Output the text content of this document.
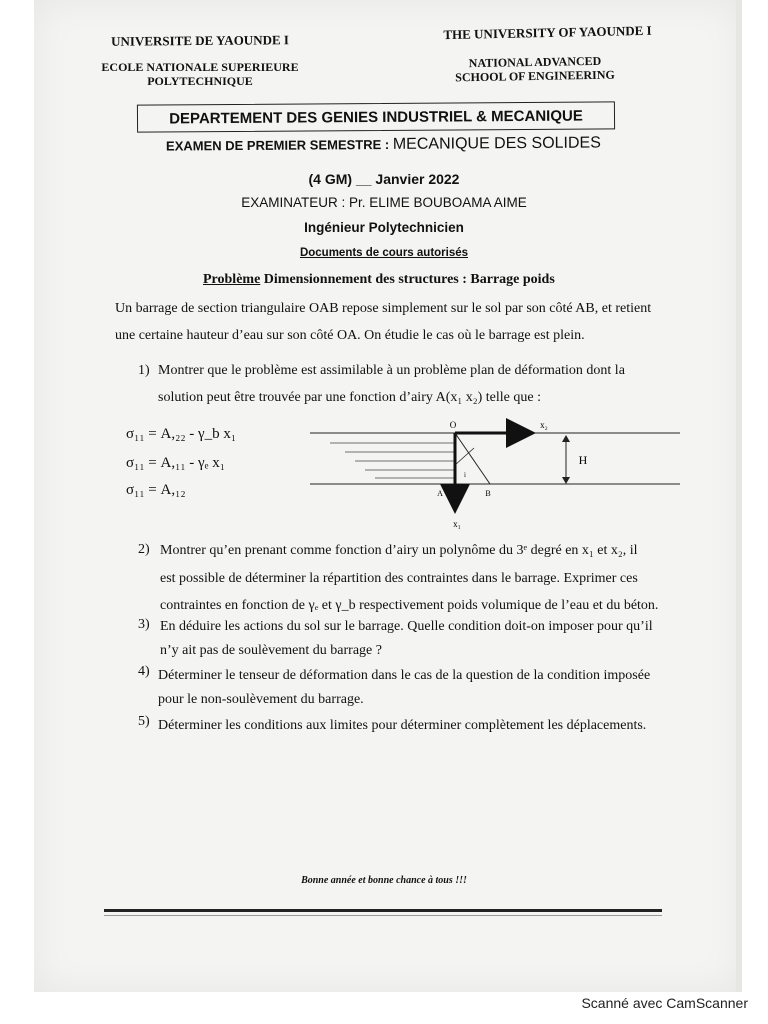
UNIVERSITE DE YAOUNDE I
ECOLE NATIONALE SUPERIEURE
POLYTECHNIQUE
THE UNIVERSITY OF YAOUNDE I
NATIONAL ADVANCED
SCHOOL OF ENGINEERING
DEPARTEMENT DES GENIES INDUSTRIEL & MECANIQUE
EXAMEN DE PREMIER SEMESTRE : MECANIQUE DES SOLIDES
(4 GM) __ Janvier 2022
EXAMINATEUR : Pr. ELIME BOUBOAMA AIME
Ingénieur Polytechnicien
Documents de cours autorisés
Problème Dimensionnement des structures : Barrage poids
Un barrage de section triangulaire OAB repose simplement sur le sol par son côté AB, et retient
une certaine hauteur d’eau sur son côté OA. On étudie le cas où le barrage est plein.
1) Montrer que le problème est assimilable à un problème plan de déformation dont la
solution peut être trouvée par une fonction d’airy A(x₁ x₂) telle que :
σ₁₁ = A,₂₂ - γ_b x₁
σ₁₁ = A,₁₁ - γₑ x₁
σ₁₁ = A,₁₂
O	x₂
H
A	B
x₁
i
2) Montrer qu’en prenant comme fonction d’airy un polynôme du 3ᵉ degré en x₁ et x₂, il
est possible de déterminer la répartition des contraintes dans le barrage. Exprimer ces
contraintes en fonction de γₑ et γ_b respectivement poids volumique de l’eau et du béton.
3) En déduire les actions du sol sur le barrage. Quelle condition doit-on imposer pour qu’il
n’y ait pas de soulèvement du barrage ?
4) Déterminer le tenseur de déformation dans le cas de la question de la condition imposée
pour le non-soulèvement du barrage.
5) Déterminer les conditions aux limites pour déterminer complètement les déplacements.
Bonne année et bonne chance à tous !!!
Scanné avec CamScanner
